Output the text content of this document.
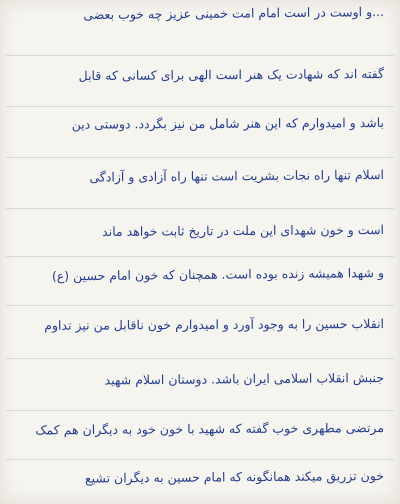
...و اوست در است امام امت خمینی عزیز چه خوب بعضی
گفته اند که شهادت یک هنر است الهی برای کسانی که قابل
باشد و امیدوارم که این هنر شامل من نیز بگردد. دوستی دین
اسلام تنها راه نجات بشریت است تنها راه آزادی و آزادگی
است و خون شهدای این ملت در تاریخ ثابت خواهد ماند
و شهدا همیشه زنده بوده است. همچنان که خون امام حسین (ع)
انقلاب حسین را به وجود آورد و امیدوارم خون ناقابل من نیز تداوم
جنبش انقلاب اسلامی ایران باشد. دوستان اسلام شهید
مرتضی مطهری خوب گفته که شهید با خون خود به دیگران هم کمک
خون تزریق میکند همانگونه که امام حسین به دیگران تشیع
